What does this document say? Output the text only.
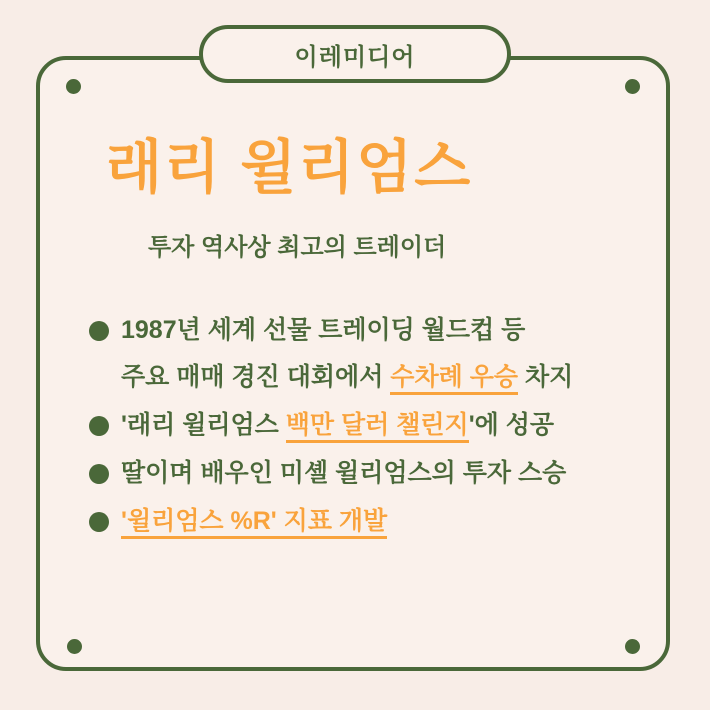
래리 윌리엄스
투자 역사상 최고의 트레이더
1987년 세계 선물 트레이딩 월드컵 등
주요 매매 경진 대회에서 수차례 우승 차지
'래리 윌리엄스 백만 달러 챌린지'에 성공
딸이며 배우인 미셸 윌리엄스의 투자 스승
'윌리엄스 %R' 지표 개발
이레미디어
